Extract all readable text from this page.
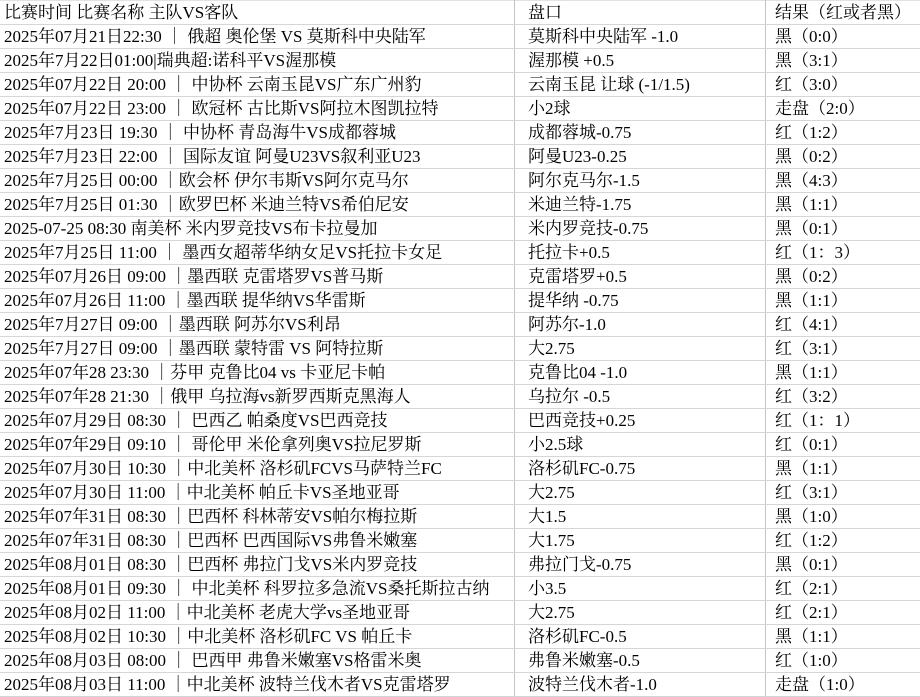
比赛时间 比赛名称 主队VS客队	盘口	结果（红或者黑）
2025年07月21日22:30 ｜ 俄超 奥伦堡 VS 莫斯科中央陆军	莫斯科中央陆军 -1.0	黑（0:0）
2025年7月22日01:00|瑞典超:诺科平VS渥那模	渥那模 +0.5	黑（3:1）
2025年07月22日 20:00 ｜ 中协杯 云南玉昆VS广东广州豹	云南玉昆 让球 (-1/1.5)	红（3:0）
2025年07月22日 23:00 ｜ 欧冠杯 古比斯VS阿拉木图凯拉特	小2球	走盘（2:0）
2025年7月23日 19:30 ｜ 中协杯 青岛海牛VS成都蓉城	成都蓉城-0.75	红（1:2）
2025年7月23日 22:00 ｜ 国际友谊 阿曼U23VS叙利亚U23	阿曼U23-0.25	黑（0:2）
2025年7月25日 00:00 ｜欧会杯 伊尔韦斯VS阿尔克马尔	阿尔克马尔-1.5	黑（4:3）
2025年7月25日 01:30 ｜欧罗巴杯 米迪兰特VS希伯尼安	米迪兰特-1.75	黑（1:1）
2025-07-25 08:30 南美杯 米内罗竞技VS布卡拉曼加	米内罗竞技-0.75	黑（0:1）
2025年7月25日 11:00 ｜ 墨西女超蒂华纳女足VS托拉卡女足	托拉卡+0.5	红（1：3）
2025年07月26日 09:00 ｜墨西联 克雷塔罗VS普马斯	克雷塔罗+0.5	黑（0:2）
2025年07月26日 11:00 ｜墨西联 提华纳VS华雷斯	提华纳 -0.75	黑（1:1）
2025年7月27日 09:00 ｜墨西联 阿苏尔VS利昂	阿苏尔-1.0	红（4:1）
2025年7月27日 09:00 ｜墨西联 蒙特雷 VS 阿特拉斯	大2.75	红（3:1）
2025年07年28 23:30 ｜芬甲 克鲁比04 vs 卡亚尼卡帕	克鲁比04 -1.0	黑（1:1）
2025年07年28 21:30 ｜俄甲 乌拉海vs新罗西斯克黑海人	乌拉尔 -0.5	红（3:2）
2025年07月29日 08:30 ｜ 巴西乙 帕桑度VS巴西竞技	巴西竞技+0.25	红（1：1）
2025年07年29日 09:10 ｜ 哥伦甲 米伦拿列奥VS拉尼罗斯	小2.5球	红（0:1）
2025年07月30日 10:30 ｜中北美杯 洛杉矶FCVS马萨特兰FC	洛杉矶FC-0.75	黑（1:1）
2025年07月30日 11:00 ｜中北美杯 帕丘卡VS圣地亚哥	大2.75	红（3:1）
2025年07年31日 08:30 ｜巴西杯 科林蒂安VS帕尔梅拉斯	大1.5	黑（1:0）
2025年07年31日 08:30 ｜巴西杯 巴西国际VS弗鲁米嫩塞	大1.75	红（1:2）
2025年08月01日 08:30 ｜巴西杯 弗拉门戈VS米内罗竞技	弗拉门戈-0.75	黑（0:1）
2025年08月01日 09:30 ｜ 中北美杯 科罗拉多急流VS桑托斯拉古纳	小3.5	红（2:1）
2025年08月02日 11:00 ｜中北美杯 老虎大学vs圣地亚哥	大2.75	红（2:1）
2025年08月02日 10:30 ｜中北美杯 洛杉矶FC VS 帕丘卡	洛杉矶FC-0.5	黑（1:1）
2025年08月03日 08:00 ｜ 巴西甲 弗鲁米嫩塞VS格雷米奥	弗鲁米嫩塞-0.5	红（1:0）
2025年08月03日 11:00 ｜中北美杯 波特兰伐木者VS克雷塔罗	波特兰伐木者-1.0	走盘（1:0）
